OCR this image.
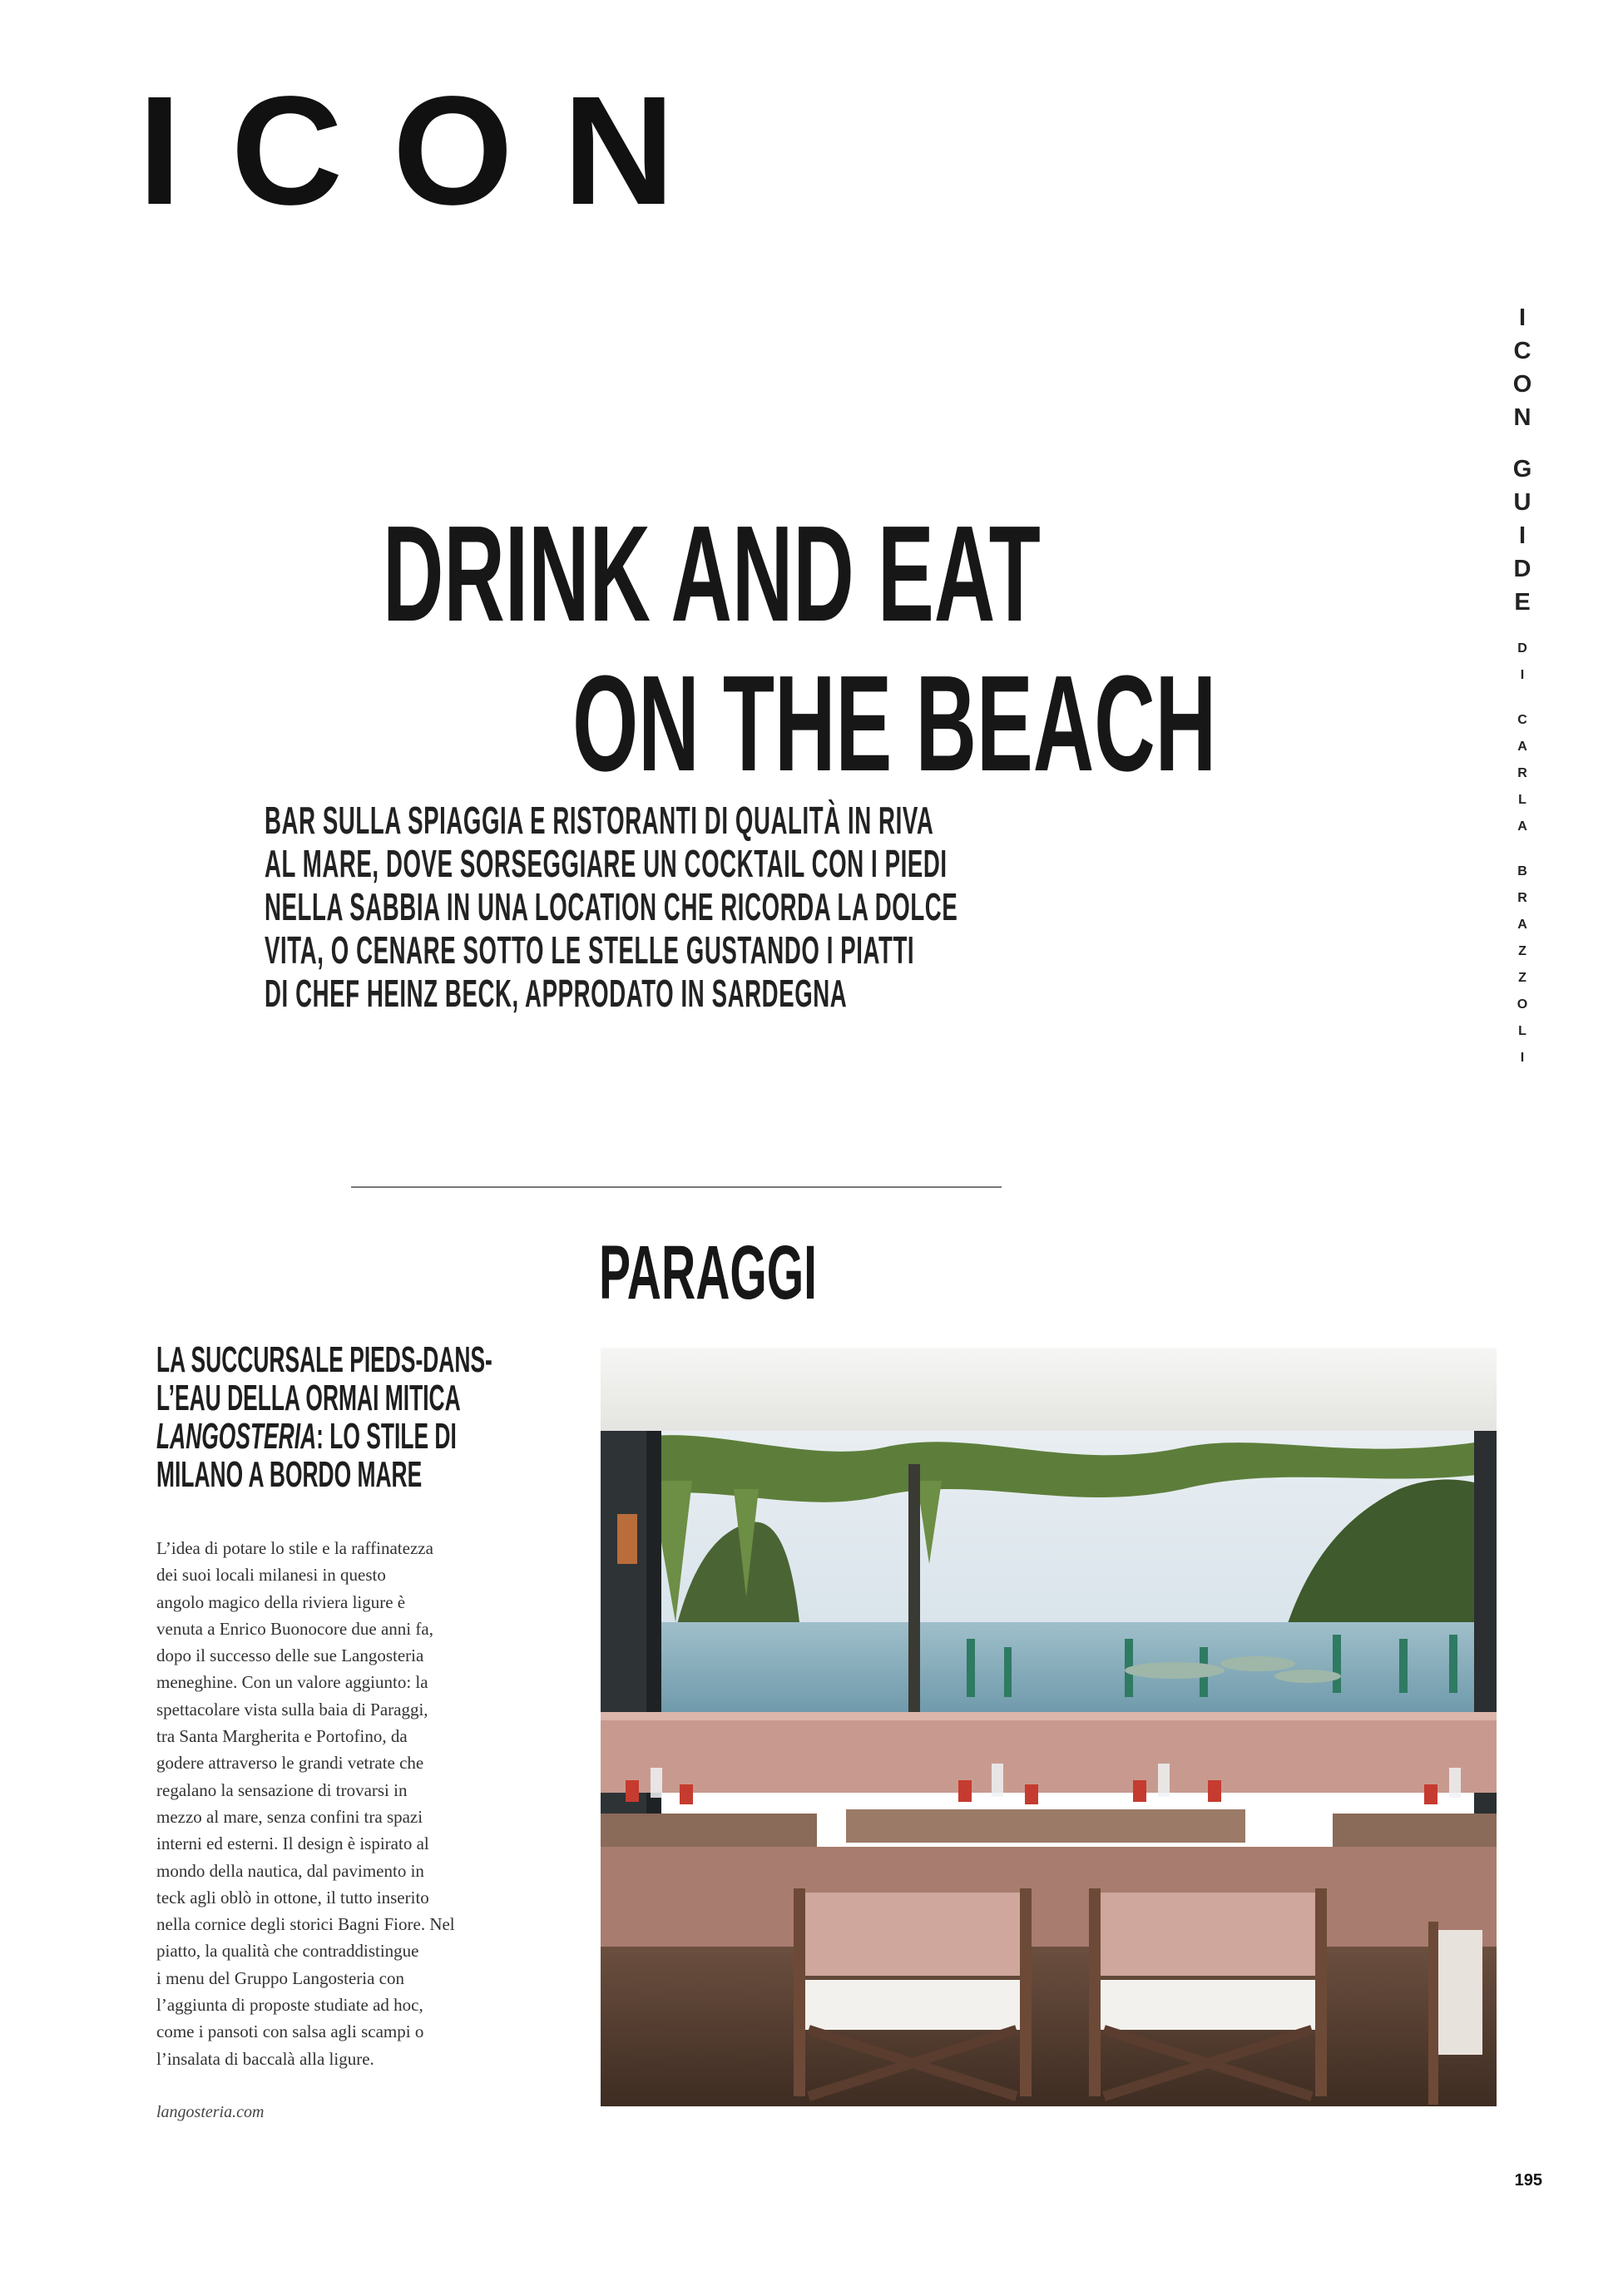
ICON
I
C
O
N
G
U
I
D
E
D
I
C
A
R
L
A
B
R
A
Z
Z
O
L
I
DRINK AND EAT
ON THE BEACH
BAR SULLA SPIAGGIA E RISTORANTI DI QUALITÀ IN RIVA
AL MARE, DOVE SORSEGGIARE UN COCKTAIL CON I PIEDI
NELLA SABBIA IN UNA LOCATION CHE RICORDA LA DOLCE
VITA, O CENARE SOTTO LE STELLE GUSTANDO I PIATTI
DI CHEF HEINZ BECK, APPRODATO IN SARDEGNA
PARAGGI
LA SUCCURSALE PIEDS-DANS-
L’EAU DELLA ORMAI MITICA
LANGOSTERIA: LO STILE DI
MILANO A BORDO MARE
L’idea di potare lo stile e la raffinatezza
dei suoi locali milanesi in questo
angolo magico della riviera ligure è
venuta a Enrico Buonocore due anni fa,
dopo il successo delle sue Langosteria
meneghine. Con un valore aggiunto: la
spettacolare vista sulla baia di Paraggi,
tra Santa Margherita e Portofino, da
godere attraverso le grandi vetrate che
regalano la sensazione di trovarsi in
mezzo al mare, senza confini tra spazi
interni ed esterni. Il design è ispirato al
mondo della nautica, dal pavimento in
teck agli oblò in ottone, il tutto inserito
nella cornice degli storici Bagni Fiore. Nel
piatto, la qualità che contraddistingue
i menu del Gruppo Langosteria con
l’aggiunta di proposte studiate ad hoc,
come i pansoti con salsa agli scampi o
l’insalata di baccalà alla ligure.
langosteria.com
195
